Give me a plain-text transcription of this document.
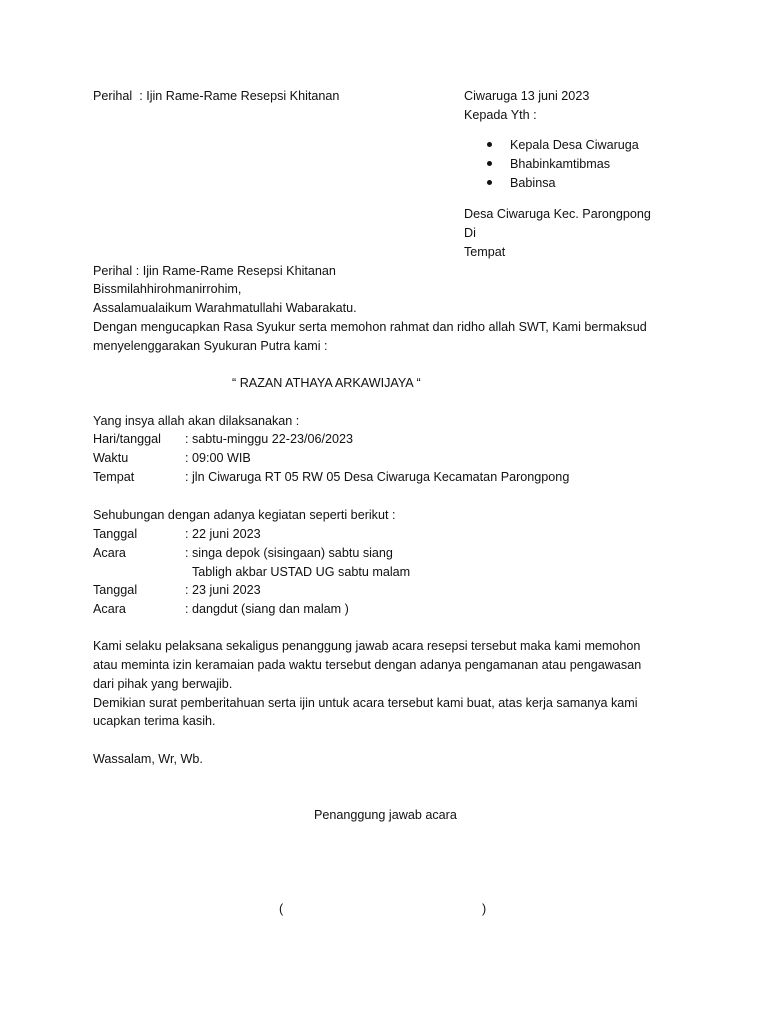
Perihal : Ijin Rame-Rame Resepsi Khitanan	Ciwaruga 13 juni 2023
Kepada Yth :
Kepala Desa Ciwaruga
Bhabinkamtibmas
Babinsa
Desa Ciwaruga Kec. Parongpong
Di
Tempat
Perihal : Ijin Rame-Rame Resepsi Khitanan
Bissmilahhirohmanirrohim,
Assalamualaikum Warahmatullahi Wabarakatu.
Dengan mengucapkan Rasa Syukur serta memohon rahmat dan ridho allah SWT, Kami bermaksud
menyelenggarakan Syukuran Putra kami :
“ RAZAN ATHAYA ARKAWIJAYA “
Yang insya allah akan dilaksanakan :
Hari/tanggal : sabtu-minggu 22-23/06/2023
Waktu	: 09:00 WIB
Tempat	: jln Ciwaruga RT 05 RW 05 Desa Ciwaruga Kecamatan Parongpong
Sehubungan dengan adanya kegiatan seperti berikut :
Tanggal	: 22 juni 2023
Acara	: singa depok (sisingaan) sabtu siang
Tabligh akbar USTAD UG sabtu malam
Tanggal	: 23 juni 2023
Acara	: dangdut (siang dan malam )
Kami selaku pelaksana sekaligus penanggung jawab acara resepsi tersebut maka kami memohon
atau meminta izin keramaian pada waktu tersebut dengan adanya pengamanan atau pengawasan
dari pihak yang berwajib.
Demikian surat pemberitahuan serta ijin untuk acara tersebut kami buat, atas kerja samanya kami
ucapkan terima kasih.
Wassalam, Wr, Wb.
Penanggung jawab acara
(	)
